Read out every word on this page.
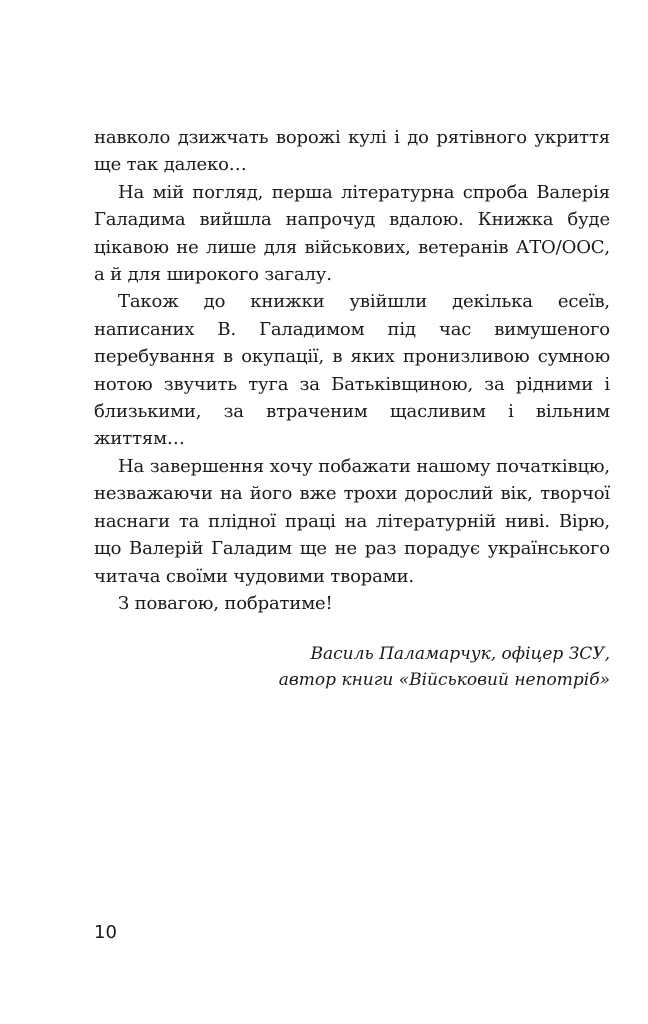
навколо дзижчать ворожі кулі і до рятівного укриття ще так далеко…

На мій погляд, перша літературна спроба Валерія Галадима вийшла напрочуд вдалою. Книжка буде цікавою не лише для військових, ветеранів АТО/ООС, а й для широкого загалу.

Також до книжки увійшли декілька есеїв, написаних В. Галадимом під час вимушеного перебування в окупації, в яких пронизливою сумною нотою звучить туга за Батьківщиною, за рідними і близькими, за втраченим щасливим і вільним життям…

На завершення хочу побажати нашому початківцю, незважаючи на його вже трохи дорослий вік, творчої наснаги та плідної праці на літературній ниві. Вірю, що Валерій Галадим ще не раз порадує українського читача своїми чудовими творами.

З повагою, побратиме!

Василь Паламарчук, офіцер ЗСУ,
автор книги «Військовий непотріб»
10
